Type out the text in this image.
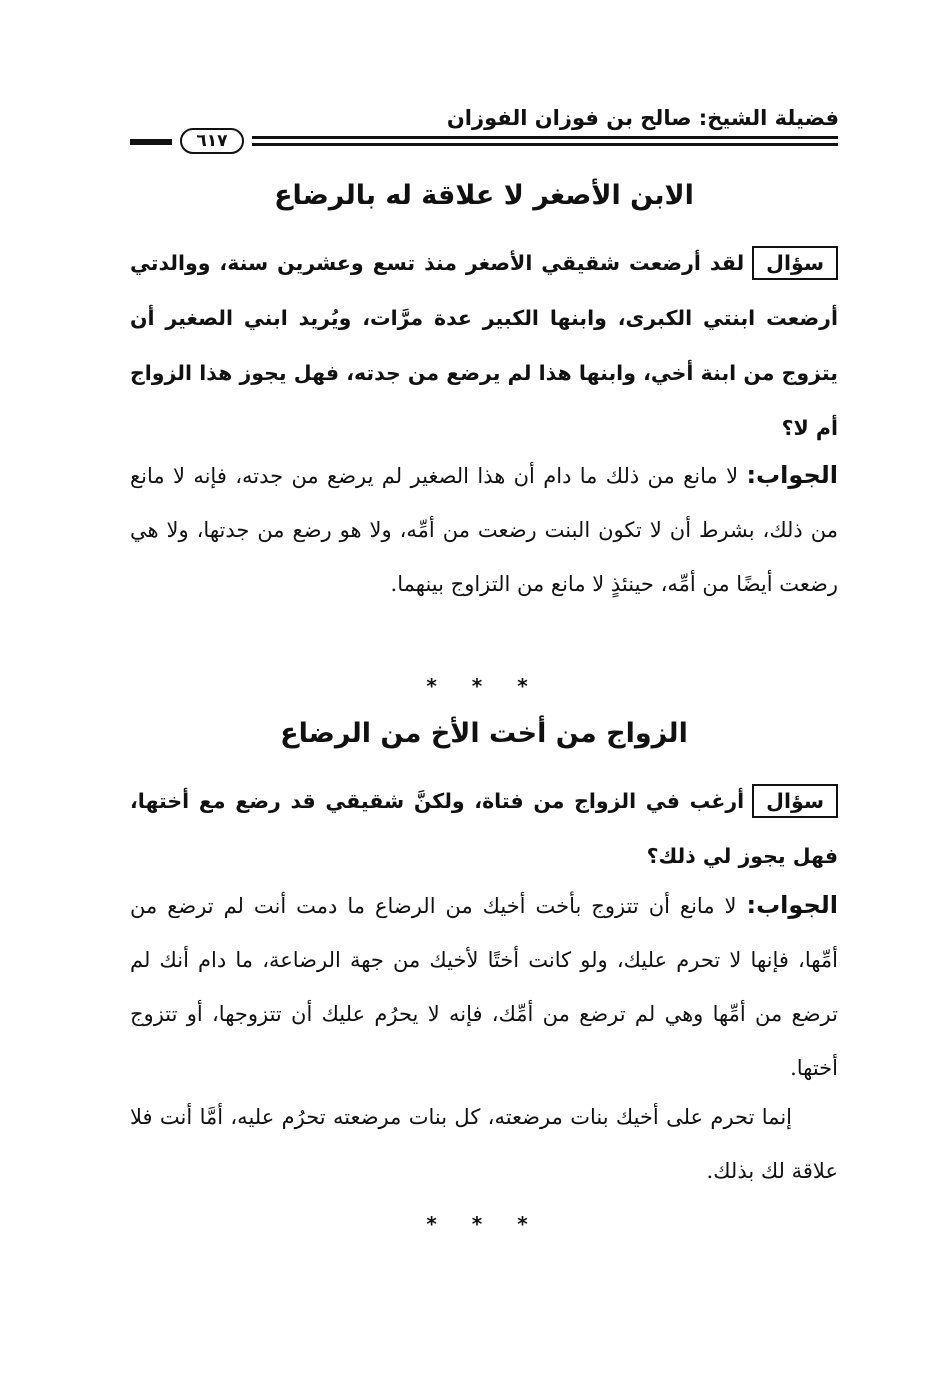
فضيلة الشيخ: صالح بن فوزان الفوزان
٦١٧
الابن الأصغر لا علاقة له بالرضاع
سؤاللقد أرضعت شقيقي الأصغر منذ تسع وعشرين سنة، ووالدتي أرضعت ابنتي الكبرى، وابنها الكبير عدة مرَّات، ويُريد ابني الصغير أن يتزوج من ابنة أخي، وابنها هذا لم يرضع من جدته، فهل يجوز هذا الزواج أم لا؟
الجواب: لا مانع من ذلك ما دام أن هذا الصغير لم يرضع من جدته، فإنه لا مانع من ذلك، بشرط أن لا تكون البنت رضعت من أمِّه، ولا هو رضع من جدتها، ولا هي رضعت أيضًا من أمِّه، حينئذٍ لا مانع من التزاوج بينهما.
* * *
الزواج من أخت الأخ من الرضاع
سؤالأرغب في الزواج من فتاة، ولكنَّ شقيقي قد رضع مع أختها، فهل يجوز لي ذلك؟
الجواب: لا مانع أن تتزوج بأخت أخيك من الرضاع ما دمت أنت لم ترضع من أمِّها، فإنها لا تحرم عليك، ولو كانت أختًا لأخيك من جهة الرضاعة، ما دام أنك لم ترضع من أمِّها وهي لم ترضع من أمِّك، فإنه لا يحرُم عليك أن تتزوجها، أو تتزوج أختها.
إنما تحرم على أخيك بنات مرضعته، كل بنات مرضعته تحرُم عليه، أمَّا أنت فلا علاقة لك بذلك.
* * *
